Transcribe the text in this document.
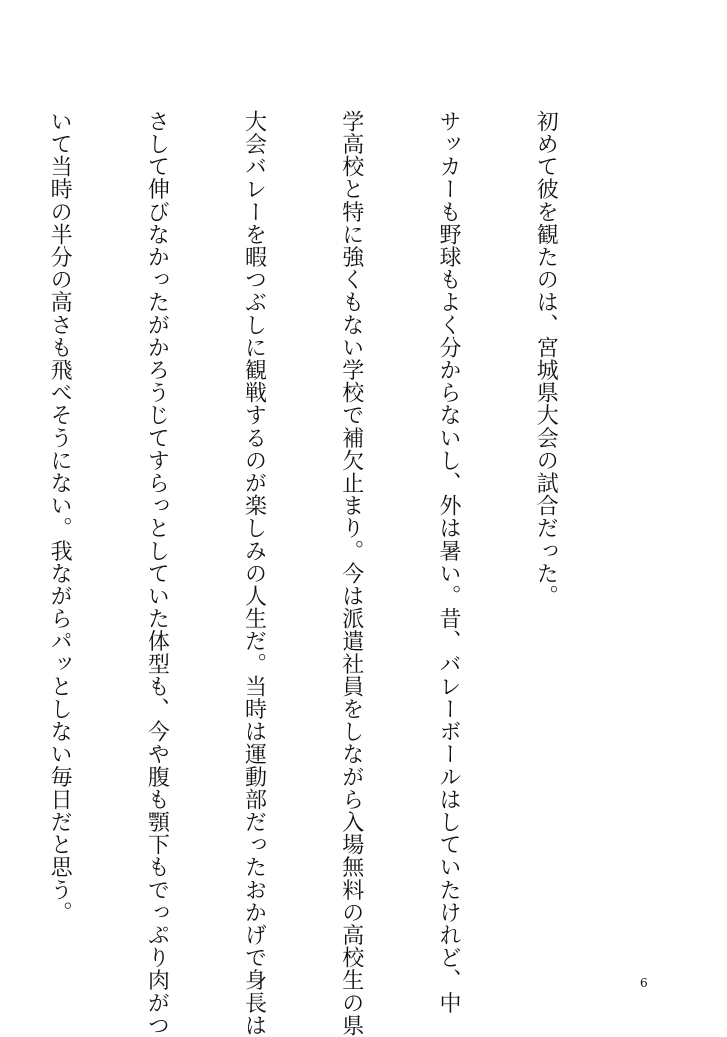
初めて彼を観たのは、宮城県大会の試合だった。

サッカーも野球もよく分からないし、外は暑い。昔、バレーボールはしていたけれど、中

学高校と特に強くもない学校で補欠止まり。今は派遣社員をしながら入場無料の高校生の県

大会バレーを暇つぶしに観戦するのが楽しみの人生だ。当時は運動部だったおかげで身長は

さして伸びなかったがかろうじてすらっとしていた体型も、今や腹も顎下もでっぷり肉がつ

いて当時の半分の高さも飛べそうにない。我ながらパッとしない毎日だと思う。

6
